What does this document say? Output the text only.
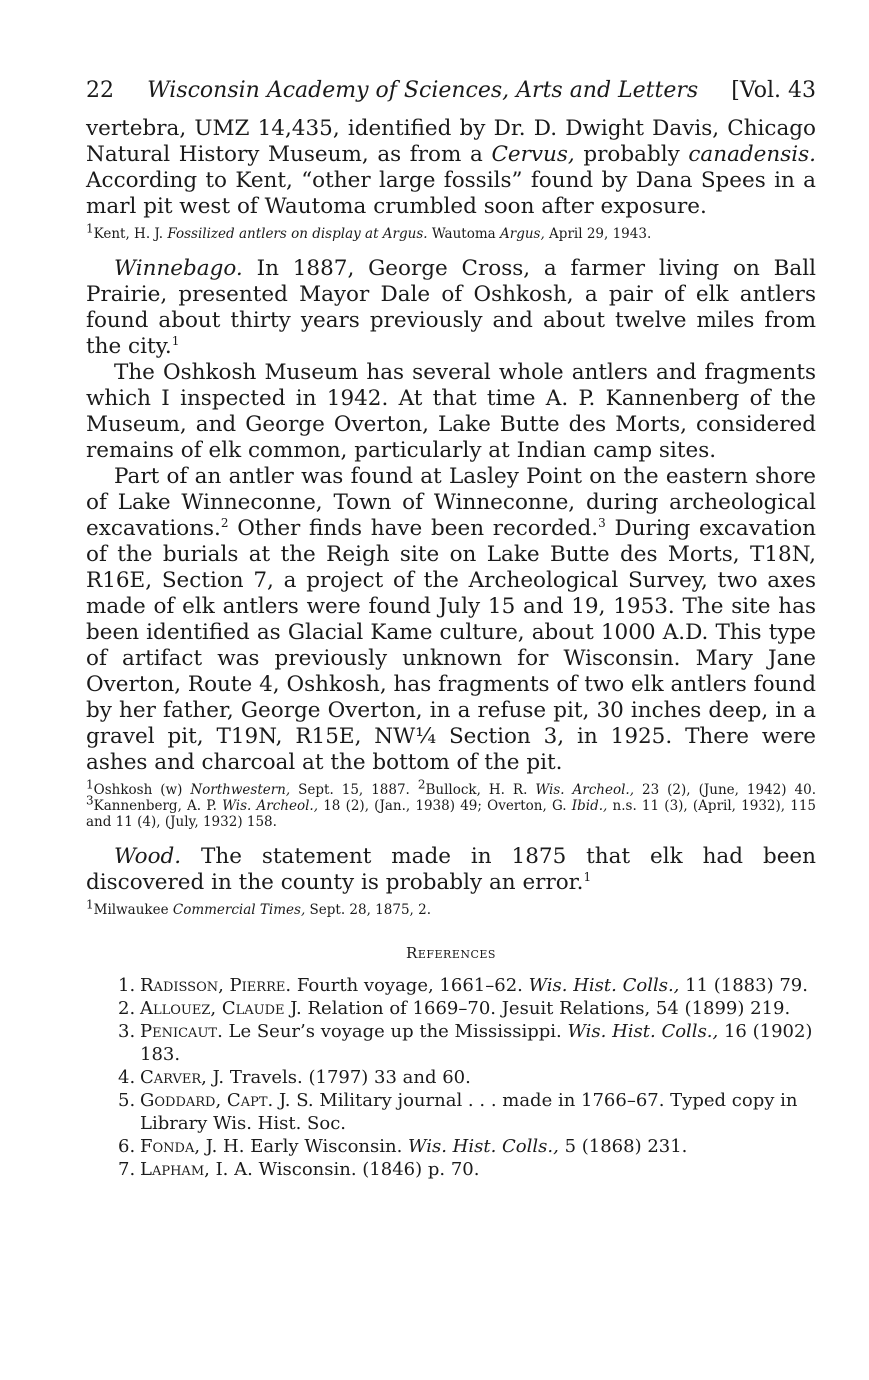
22 Wisconsin Academy of Sciences, Arts and Letters [Vol. 43

vertebra, UMZ 14,435, identified by Dr. D. Dwight Davis, Chicago Natural History Museum, as from a Cervus, probably canadensis. According to Kent, “other large fossils” found by Dana Spees in a marl pit west of Wautoma crumbled soon after exposure.

$^1$Kent, H. J. Fossilized antlers on display at Argus. Wautoma Argus, April 29, 1943.

Winnebago. In 1887, George Cross, a farmer living on Ball Prairie, presented Mayor Dale of Oshkosh, a pair of elk antlers found about thirty years previously and about twelve miles from the city.$^1$

The Oshkosh Museum has several whole antlers and fragments which I inspected in 1942. At that time A. P. Kannenberg of the Museum, and George Overton, Lake Butte des Morts, considered remains of elk common, particularly at Indian camp sites.

Part of an antler was found at Lasley Point on the eastern shore of Lake Winneconne, Town of Winneconne, during archeological excavations.$^2$ Other finds have been recorded.$^3$ During excavation of the burials at the Reigh site on Lake Butte des Morts, T18N, R16E, Section 7, a project of the Archeological Survey, two axes made of elk antlers were found July 15 and 19, 1953. The site has been identified as Glacial Kame culture, about 1000 A.D. This type of artifact was previously unknown for Wisconsin. Mary Jane Overton, Route 4, Oshkosh, has fragments of two elk antlers found by her father, George Overton, in a refuse pit, 30 inches deep, in a gravel pit, T19N, R15E, NW¼ Section 3, in 1925. There were ashes and charcoal at the bottom of the pit.

$^1$Oshkosh (w) Northwestern, Sept. 15, 1887. $^2$Bullock, H. R. Wis. Archeol., 23 (2), (June, 1942) 40. $^3$Kannenberg, A. P. Wis. Archeol., 18 (2), (Jan., 1938) 49; Overton, G. Ibid., n.s. 11 (3), (April, 1932), 115 and 11 (4), (July, 1932) 158.

Wood. The statement made in 1875 that elk had been discovered in the county is probably an error.$^1$

$^1$Milwaukee Commercial Times, Sept. 28, 1875, 2.

References
1. Radisson, Pierre. Fourth voyage, 1661–62. Wis. Hist. Colls., 11 (1883) 79.
2. Allouez, Claude J. Relation of 1669–70. Jesuit Relations, 54 (1899) 219.
3. Penicaut. Le Seur’s voyage up the Mississippi. Wis. Hist. Colls., 16 (1902) 183.
4. Carver, J. Travels. (1797) 33 and 60.
5. Goddard, Capt. J. S. Military journal . . . made in 1766–67. Typed copy in Library Wis. Hist. Soc.
6. Fonda, J. H. Early Wisconsin. Wis. Hist. Colls., 5 (1868) 231.
7. Lapham, I. A. Wisconsin. (1846) p. 70.
